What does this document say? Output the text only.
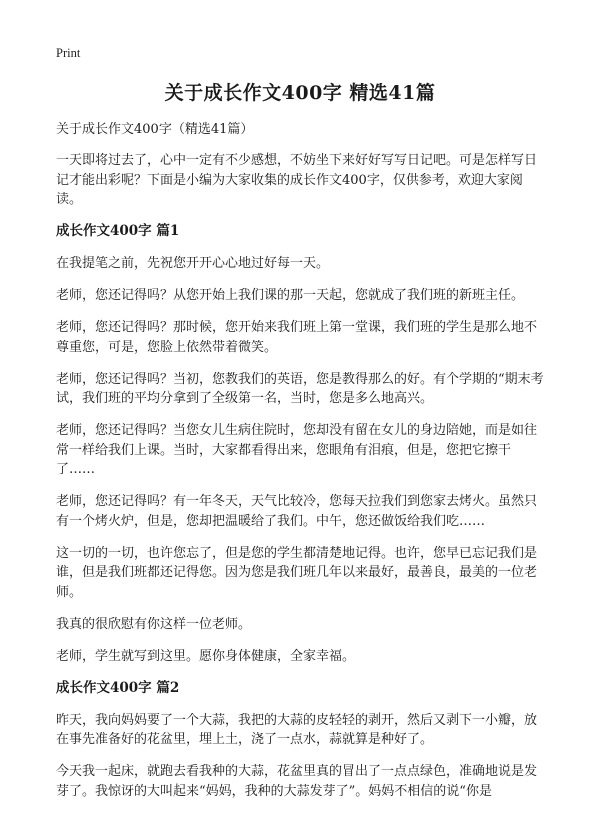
Print
关于成长作文400字 精选41篇
关于成长作文400字（精选41篇）

一天即将过去了，心中一定有不少感想，不妨坐下来好好写写日记吧。可是怎样写日记才能出彩呢？下面是小编为大家收集的成长作文400字，仅供参考，欢迎大家阅读。

成长作文400字 篇1

在我提笔之前，先祝您开开心心地过好每一天。

老师，您还记得吗？从您开始上我们课的那一天起，您就成了我们班的新班主任。

老师，您还记得吗？那时候，您开始来我们班上第一堂课，我们班的学生是那么地不尊重您，可是，您脸上依然带着微笑。

老师，您还记得吗？当初，您教我们的英语，您是教得那么的好。有个学期的“期末考试，我们班的平均分拿到了全级第一名，当时，您是多么地高兴。

老师，您还记得吗？当您女儿生病住院时，您却没有留在女儿的身边陪她，而是如往常一样给我们上课。当时，大家都看得出来，您眼角有泪痕，但是，您把它擦干了……

老师，您还记得吗？有一年冬天，天气比较冷，您每天拉我们到您家去烤火。虽然只有一个烤火炉，但是，您却把温暖给了我们。中午，您还做饭给我们吃……

这一切的一切，也许您忘了，但是您的学生都清楚地记得。也许，您早已忘记我们是谁，但是我们班都还记得您。因为您是我们班几年以来最好，最善良，最美的一位老师。

我真的很欣慰有你这样一位老师。

老师，学生就写到这里。愿你身体健康，全家幸福。

成长作文400字 篇2

昨天，我向妈妈要了一个大蒜，我把的大蒜的皮轻轻的剥开，然后又剥下一小瓣，放在事先准备好的花盆里，埋上土，浇了一点水，蒜就算是种好了。

今天我一起床，就跑去看我种的大蒜，花盆里真的冒出了一点点绿色，准确地说是发芽了。我惊讶的大叫起来“妈妈，我种的大蒜发芽了”。妈妈不相信的说“你是
